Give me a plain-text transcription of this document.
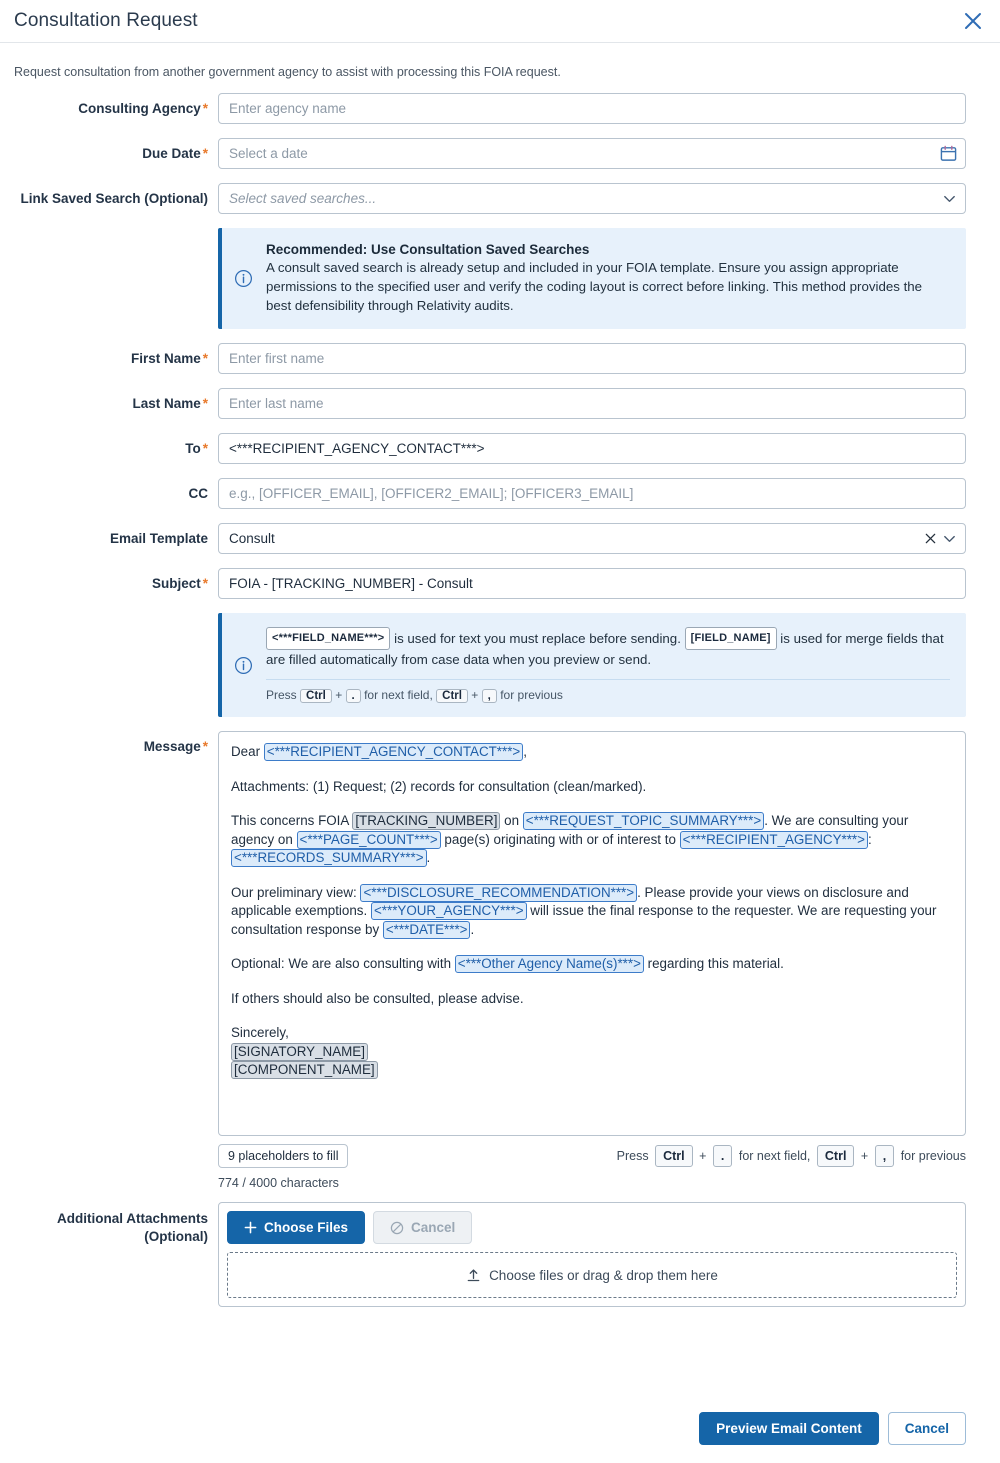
Consultation Request
Request consultation from another government agency to assist with processing this FOIA request.
Consulting Agency *
Enter agency name
Due Date *
Select a date
Link Saved Search (Optional)
Select saved searches...
Recommended: Use Consultation Saved Searches
A consult saved search is already setup and included in your FOIA template. Ensure you assign appropriate permissions to the specified user and verify the coding layout is correct before linking. This method provides the best defensibility through Relativity audits.
First Name *
Enter first name
Last Name *
Enter last name
To *
<***RECIPIENT_AGENCY_CONTACT***>
CC
e.g., [OFFICER_EMAIL], [OFFICER2_EMAIL]; [OFFICER3_EMAIL]
Email Template
Consult
Subject *
FOIA - [TRACKING_NUMBER] - Consult
<***FIELD_NAME***> is used for text you must replace before sending. [FIELD_NAME] is used for merge fields that are filled automatically from case data when you preview or send.
Press Ctrl + . for next field, Ctrl + , for previous
Message *	Dear <***RECIPIENT_AGENCY_CONTACT***> ,

Attachments: (1) Request; (2) records for consultation (clean/marked).

This concerns FOIA [TRACKING_NUMBER] on <***REQUEST_TOPIC_SUMMARY***> . We are consulting your agency on <***PAGE_COUNT***> page(s) originating with or of interest to <***RECIPIENT_AGENCY***> : <***RECORDS_SUMMARY***> .

Our preliminary view: <***DISCLOSURE_RECOMMENDATION***> . Please provide your views on disclosure and applicable exemptions. <***YOUR_AGENCY***> will issue the final response to the requester. We are requesting your consultation response by <***DATE***> .

Optional: We are also consulting with <***Other Agency Name(s)***> regarding this material.

If others should also be consulted, please advise.

Sincerely,
[SIGNATORY_NAME]
[COMPONENT_NAME]

9 placeholders to fill	Press Ctrl + . for next field, Ctrl + , for previous
774 / 4000 characters
Additional Attachments
(Optional)
Choose Files	Cancel
Choose files or drag & drop them here
Preview Email Content	Cancel
